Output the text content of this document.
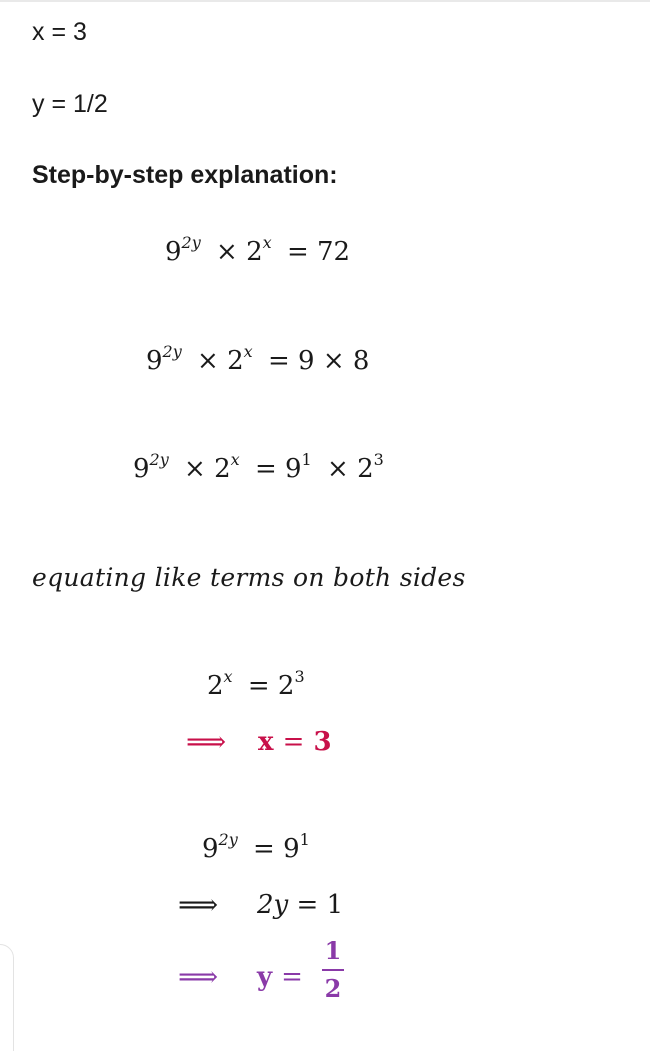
x = 3
y = 1/2
Step-by-step explanation:
$9^{2y} \times 2^x = 72$
$9^{2y} \times 2^x = 9 \times 8$
$9^{2y} \times 2^x = 9^1 \times 2^3$
equating like terms on both sides
$2^x = 2^3$
⟹ x = 3
$9^{2y} = 9^1$
⟹ 2y = 1
⟹ y =
1
2
